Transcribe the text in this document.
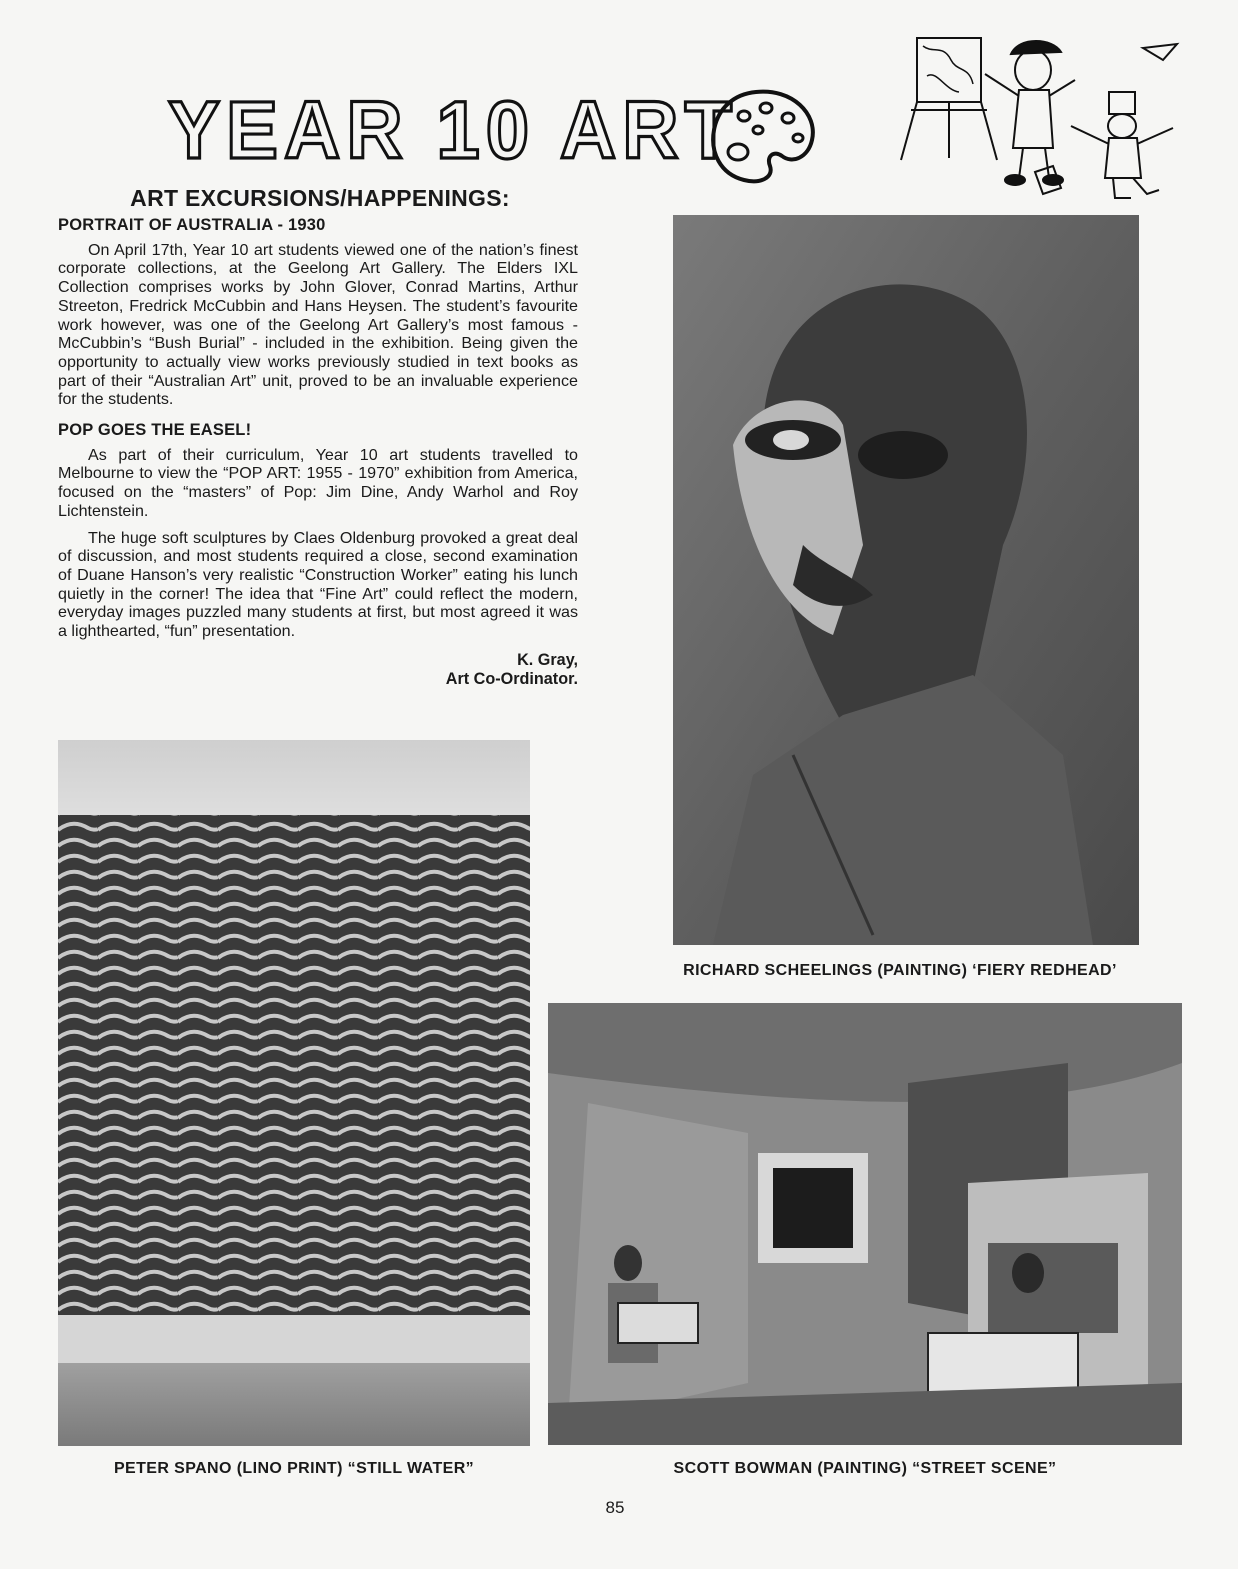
YEAR 10 ART
ART EXCURSIONS/HAPPENINGS:
PORTRAIT OF AUSTRALIA - 1930

On April 17th, Year 10 art students viewed one of the nation’s finest corporate collections, at the Geelong Art Gallery. The Elders IXL Collection comprises works by John Glover, Conrad Martins, Arthur Streeton, Fredrick McCubbin and Hans Heysen. The student’s favourite work however, was one of the Geelong Art Gallery’s most famous - McCubbin’s “Bush Burial” - included in the exhibition. Being given the opportunity to actually view works previously studied in text books as part of their “Australian Art” unit, proved to be an invaluable experience for the students.

POP GOES THE EASEL!

As part of their curriculum, Year 10 art students travelled to Melbourne to view the “POP ART: 1955 - 1970” exhibition from America, focused on the “masters” of Pop: Jim Dine, Andy Warhol and Roy Lichtenstein.

The huge soft sculptures by Claes Oldenburg provoked a great deal of discussion, and most students required a close, second examination of Duane Hanson’s very realistic “Construction Worker” eating his lunch quietly in the corner! The idea that “Fine Art” could reflect the modern, everyday images puzzled many students at first, but most agreed it was a lighthearted, “fun” presentation.

K. Gray,
Art Co-Ordinator.
RICHARD SCHEELINGS (PAINTING) ‘FIERY REDHEAD’
PETER SPANO (LINO PRINT) “STILL WATER”	SCOTT BOWMAN (PAINTING) “STREET SCENE”
85
